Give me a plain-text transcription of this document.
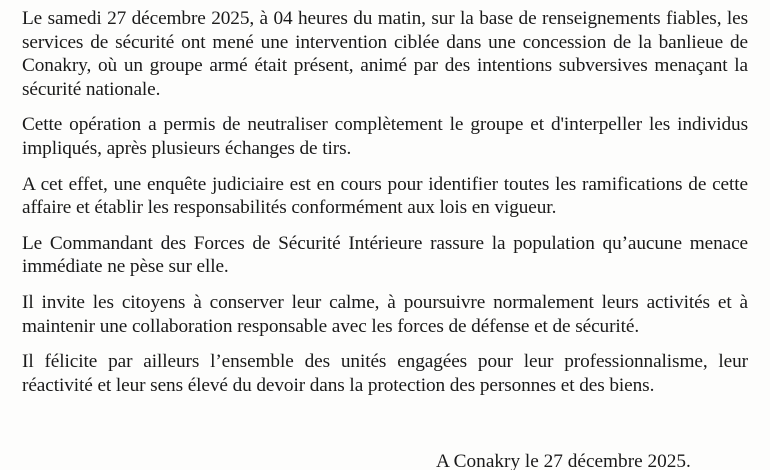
Le samedi 27 décembre 2025, à 04 heures du matin, sur la base de renseignements fiables, les services de sécurité ont mené une intervention ciblée dans une concession de la banlieue de Conakry, où un groupe armé était présent, animé par des intentions subversives menaçant la sécurité nationale.

Cette opération a permis de neutraliser complètement le groupe et d'interpeller les individus impliqués, après plusieurs échanges de tirs.

A cet effet, une enquête judiciaire est en cours pour identifier toutes les ramifications de cette affaire et établir les responsabilités conformément aux lois en vigueur.

Le Commandant des Forces de Sécurité Intérieure rassure la population qu’aucune menace immédiate ne pèse sur elle.

Il invite les citoyens à conserver leur calme, à poursuivre normalement leurs activités et à maintenir une collaboration responsable avec les forces de défense et de sécurité.

Il félicite par ailleurs l’ensemble des unités engagées pour leur professionnalisme, leur réactivité et leur sens élevé du devoir dans la protection des personnes et des biens.

A Conakry le 27 décembre 2025.
